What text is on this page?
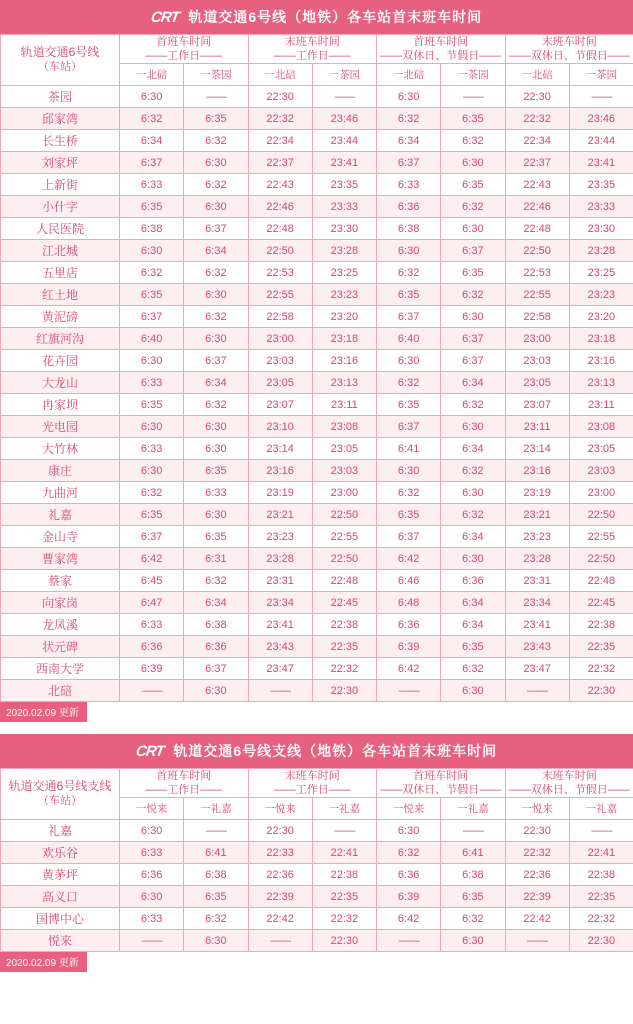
CRT 轨道交通6号线（地铁）各车站首末班车时间
轨道交通6号线
（车站）

首班车时间
——工作日——

末班车时间
——工作日——

首班车时间
——双休日、节假日——

末班车时间
——双休日、节假日——

	一北碚	一茶园	一北碚	一茶园	一北碚	一茶园	一北碚	一茶园
茶园	6:30	——	22:30	——	6:30	——	22:30	——
邱家湾	6:32	6:35	22:32	23:46	6:32	6:35	22:32	23:46
长生桥	6:34	6:32	22:34	23:44	6:34	6:32	22:34	23:44
刘家坪	6:37	6:30	22:37	23:41	6:37	6:30	22:37	23:41
上新街	6:33	6:32	22:43	23:35	6:33	6:35	22:43	23:35
小什字	6:35	6:30	22:46	23:33	6:36	6:32	22:46	23:33
人民医院	6:38	6:37	22:48	23:30	6:38	6:30	22:48	23:30
江北城	6:30	6:34	22:50	23:28	6:30	6:37	22:50	23:28
五里店	6:32	6:32	22:53	23:25	6:32	6:35	22:53	23:25
红土地	6:35	6:30	22:55	23:23	6:35	6:32	22:55	23:23
黄泥磅	6:37	6:32	22:58	23:20	6:37	6:30	22:58	23:20
红旗河沟	6:40	6:30	23:00	23:18	6:40	6:37	23:00	23:18
花卉园	6:30	6:37	23:03	23:16	6:30	6:37	23:03	23:16
大龙山	6:33	6:34	23:05	23:13	6:32	6:34	23:05	23:13
冉家坝	6:35	6:32	23:07	23:11	6:35	6:32	23:07	23:11
光电园	6:30	6:30	23:10	23:08	6:37	6:30	23:11	23:08
大竹林	6:33	6:30	23:14	23:05	6:41	6:34	23:14	23:05
康庄	6:30	6:35	23:16	23:03	6:30	6:32	23:16	23:03
九曲河	6:32	6:33	23:19	23:00	6:32	6:30	23:19	23:00
礼嘉	6:35	6:30	23:21	22:50	6:35	6:32	23:21	22:50
金山寺	6:37	6:35	23:23	22:55	6:37	6:34	23:23	22:55
曹家湾	6:42	6:31	23:28	22:50	6:42	6:30	23:28	22:50
蔡家	6:45	6:32	23:31	22:48	6:46	6:36	23:31	22:48
向家岗	6:47	6:34	23:34	22:45	6:48	6:34	23:34	22:45
龙凤溪	6:33	6:38	23:41	22:38	6:36	6:34	23:41	22:38
状元碑	6:36	6:36	23:43	22:35	6:39	6:35	23:43	22:35
西南大学	6:39	6:37	23:47	22:32	6:42	6:32	23:47	22:32
北碚	——	6:30	——	22:30	——	6:30	——	22:30
2020.02.09 更新
CRT 轨道交通6号线支线（地铁）各车站首末班车时间
轨道交通6号线支线
（车站）

首班车时间
——工作日——

末班车时间
——工作日——

首班车时间
——双休日、节假日——

末班车时间
——双休日、节假日——

	一悦来	一礼嘉	一悦来	一礼嘉	一悦来	一礼嘉	一悦来	一礼嘉
礼嘉	6:30	——	22:30	——	6:30	——	22:30	——
欢乐谷	6:33	6:41	22:33	22:41	6:32	6:41	22:32	22:41
黄茅坪	6:36	6:38	22:36	22:38	6:36	6:38	22:36	22:38
高义口	6:30	6:35	22:39	22:35	6:39	6:35	22:39	22:35
国博中心	6:33	6:32	22:42	22:32	6:42	6:32	22:42	22:32
悦来	——	6:30	——	22:30	——	6:30	——	22:30
2020.02.09 更新
